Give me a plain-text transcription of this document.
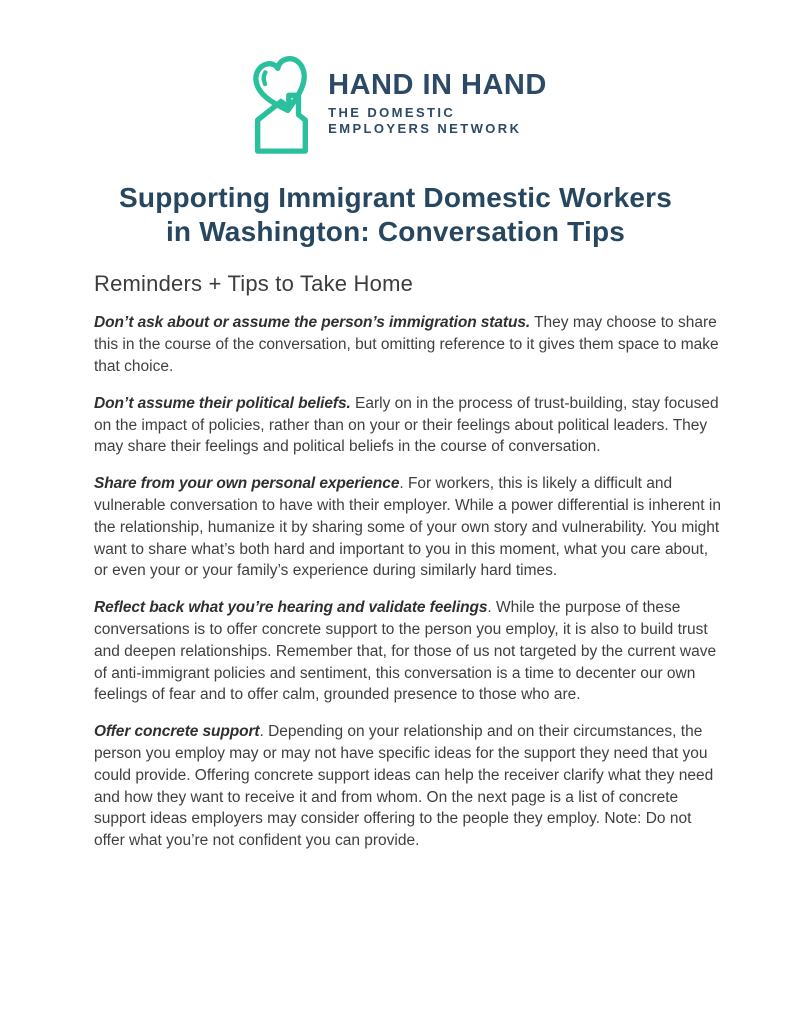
HAND IN HAND
THE DOMESTIC
EMPLOYERS NETWORK
Supporting Immigrant Domestic Workers
in Washington: Conversation Tips
Reminders + Tips to Take Home

Don’t ask about or assume the person’s immigration status. They may choose to share this in the course of the conversation, but omitting reference to it gives them space to make that choice.

Don’t assume their political beliefs. Early on in the process of trust-building, stay focused on the impact of policies, rather than on your or their feelings about political leaders. They may share their feelings and political beliefs in the course of conversation.

Share from your own personal experience. For workers, this is likely a difficult and vulnerable conversation to have with their employer. While a power differential is inherent in the relationship, humanize it by sharing some of your own story and vulnerability. You might want to share what’s both hard and important to you in this moment, what you care about, or even your or your family’s experience during similarly hard times.

Reflect back what you’re hearing and validate feelings. While the purpose of these conversations is to offer concrete support to the person you employ, it is also to build trust and deepen relationships. Remember that, for those of us not targeted by the current wave of anti-immigrant policies and sentiment, this conversation is a time to decenter our own feelings of fear and to offer calm, grounded presence to those who are.

Offer concrete support. Depending on your relationship and on their circumstances, the person you employ may or may not have specific ideas for the support they need that you could provide. Offering concrete support ideas can help the receiver clarify what they need and how they want to receive it and from whom. On the next page is a list of concrete support ideas employers may consider offering to the people they employ. Note: Do not offer what you’re not confident you can provide.
